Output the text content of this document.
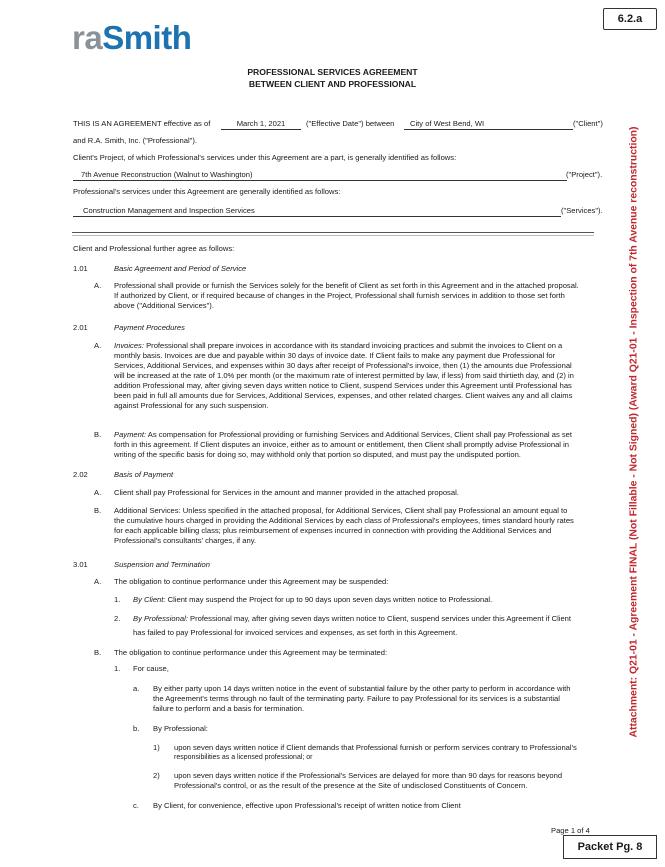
6.2.a
raSmith
PROFESSIONAL SERVICES AGREEMENT
BETWEEN CLIENT AND PROFESSIONAL
THIS IS AN AGREEMENT effective as of	March 1, 2021	("Effective Date") between	City of West Bend, WI	("Client")
and R.A. Smith, Inc. ("Professional").
Client's Project, of which Professional's services under this Agreement are a part, is generally identified as follows:
7th Avenue Reconstruction (Walnut to Washington)	("Project").
Professional's services under this Agreement are generally identified as follows:
Construction Management and Inspection Services	("Services").
Client and Professional further agree as follows:
1.01	Basic Agreement and Period of Service
A. Professional shall provide or furnish the Services solely for the benefit of Client as set forth in this Agreement and in the attached proposal.
If authorized by Client, or if required because of changes in the Project, Professional shall furnish services in addition to those set forth
above ("Additional Services").
2.01	Payment Procedures
A. Invoices: Professional shall prepare invoices in accordance with its standard invoicing practices and submit the invoices to Client on a
monthly basis. Invoices are due and payable within 30 days of invoice date. If Client fails to make any payment due Professional for
Services, Additional Services, and expenses within 30 days after receipt of Professional's invoice, then (1) the amounts due Professional
will be increased at the rate of 1.0% per month (or the maximum rate of interest permitted by law, if less) from said thirtieth day, and (2) in
addition Professional may, after giving seven days written notice to Client, suspend Services under this Agreement until Professional has
been paid in full all amounts due for Services, Additional Services, expenses, and other related charges. Client waives any and all claims
against Professional for any such suspension.
B. Payment: As compensation for Professional providing or furnishing Services and Additional Services, Client shall pay Professional as set
forth in this agreement. If Client disputes an invoice, either as to amount or entitlement, then Client shall promptly advise Professional in
writing of the specific basis for doing so, may withhold only that portion so disputed, and must pay the undisputed portion.
2.02	Basis of Payment
A. Client shall pay Professional for Services in the amount and manner provided in the attached proposal.
B. Additional Services: Unless specified in the attached proposal, for Additional Services, Client shall pay Professional an amount equal to
the cumulative hours charged in providing the Additional Services by each class of Professional's employees, times standard hourly rates
for each applicable billing class; plus reimbursement of expenses incurred in connection with providing the Additional Services and
Professional's consultants' charges, if any.
3.01	Suspension and Termination
A. The obligation to continue performance under this Agreement may be suspended:
1. By Client: Client may suspend the Project for up to 90 days upon seven days written notice to Professional.
2. By Professional: Professional may, after giving seven days written notice to Client, suspend services under this Agreement if Client
has failed to pay Professional for invoiced services and expenses, as set forth in this Agreement.
B. The obligation to continue performance under this Agreement may be terminated:
1. For cause,
a. By either party upon 14 days written notice in the event of substantial failure by the other party to perform in accordance with
the Agreement's terms through no fault of the terminating party. Failure to pay Professional for its services is a substantial
failure to perform and a basis for termination.
b. By Professional:
1) upon seven days written notice if Client demands that Professional furnish or perform services contrary to Professional's
responsibilities as a licensed professional; or
2) upon seven days written notice if the Professional's Services are delayed for more than 90 days for reasons beyond
Professional's control, or as the result of the presence at the Site of undisclosed Constituents of Concern.
c. By Client, for convenience, effective upon Professional's receipt of written notice from Client
Page 1 of 4
Packet Pg. 8
Attachment: Q21-01 - Agreement FINAL (Not Fillable - Not Signed) (Award Q21-01 - Inspection of 7th Avenue reconstruction)
